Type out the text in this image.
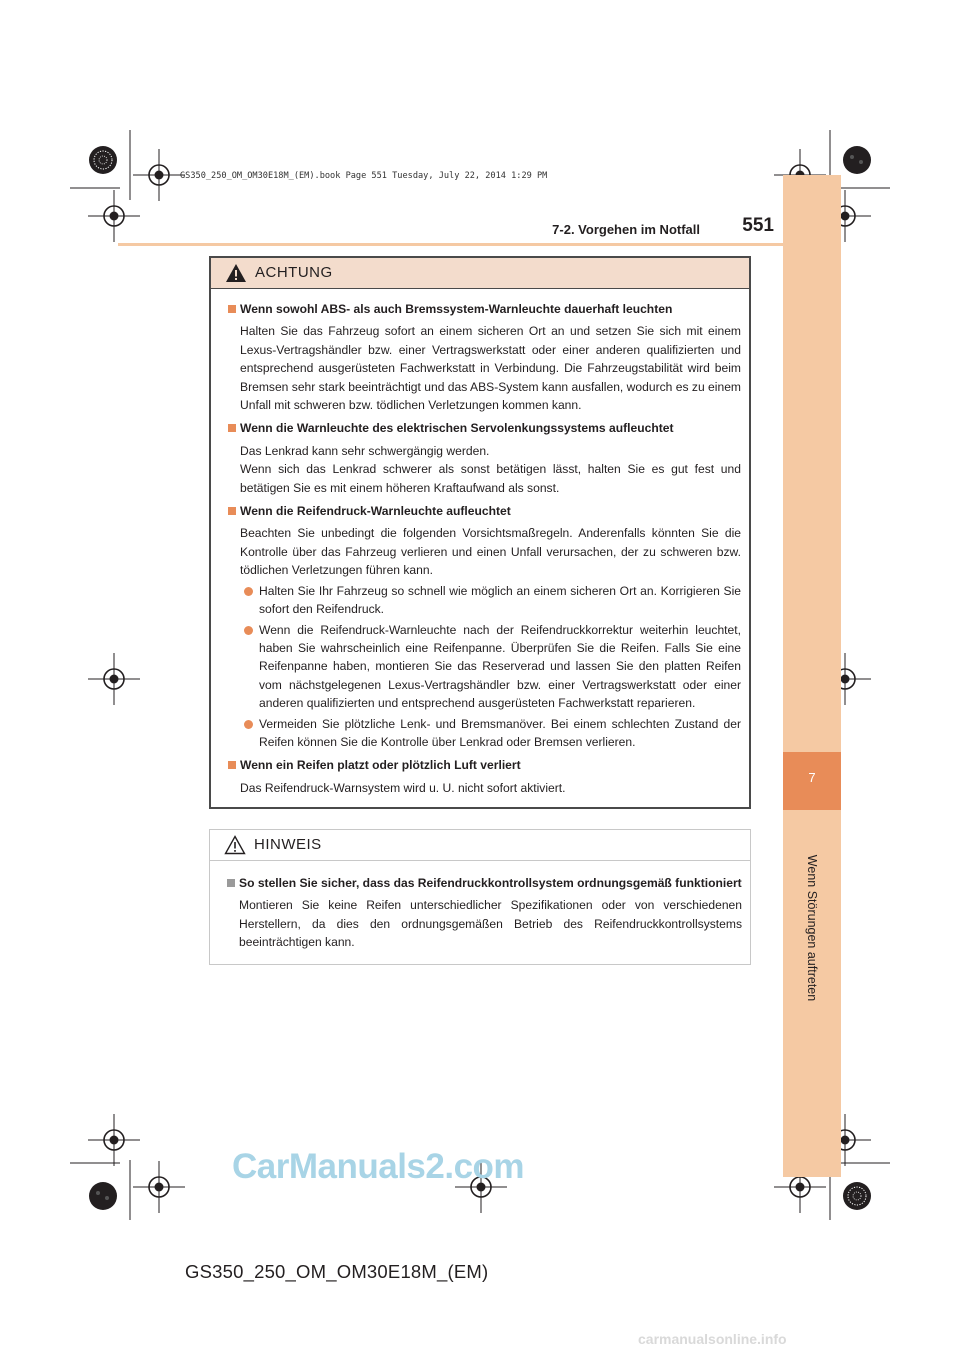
GS350_250_OM_OM30E18M_(EM).book Page 551 Tuesday, July 22, 2014 1:29 PM
7
Wenn Störungen auftreten
7-2. Vorgehen im Notfall	551
ACHTUNG
Wenn sowohl ABS- als auch Bremssystem-Warnleuchte dauerhaft leuchten
Halten Sie das Fahrzeug sofort an einem sicheren Ort an und setzen Sie sich mit einem Lexus-Vertragshändler bzw. einer Vertragswerkstatt oder einer anderen qualifizierten und entsprechend ausgerüsteten Fachwerkstatt in Verbindung. Die Fahrzeugstabilität wird beim Bremsen sehr stark beeinträchtigt und das ABS-System kann ausfallen, wodurch es zu einem Unfall mit schweren bzw. tödlichen Verletzungen kommen kann.
Wenn die Warnleuchte des elektrischen Servolenkungssystems aufleuchtet
Das Lenkrad kann sehr schwergängig werden.
Wenn sich das Lenkrad schwerer als sonst betätigen lässt, halten Sie es gut fest und betätigen Sie es mit einem höheren Kraftaufwand als sonst.
Wenn die Reifendruck-Warnleuchte aufleuchtet
Beachten Sie unbedingt die folgenden Vorsichtsmaßregeln. Anderenfalls könnten Sie die Kontrolle über das Fahrzeug verlieren und einen Unfall verursachen, der zu schweren bzw. tödlichen Verletzungen führen kann.
Halten Sie Ihr Fahrzeug so schnell wie möglich an einem sicheren Ort an. Korrigieren Sie sofort den Reifendruck.
Wenn die Reifendruck-Warnleuchte nach der Reifendruckkorrektur weiterhin leuchtet, haben Sie wahrscheinlich eine Reifenpanne. Überprüfen Sie die Reifen. Falls Sie eine Reifenpanne haben, montieren Sie das Reserverad und lassen Sie den platten Reifen vom nächstgelegenen Lexus-Vertragshändler bzw. einer Vertragswerkstatt oder einer anderen qualifizierten und entsprechend ausgerüsteten Fachwerkstatt reparieren.
Vermeiden Sie plötzliche Lenk- und Bremsmanöver. Bei einem schlechten Zustand der Reifen können Sie die Kontrolle über Lenkrad oder Bremsen verlieren.
Wenn ein Reifen platzt oder plötzlich Luft verliert
Das Reifendruck-Warnsystem wird u. U. nicht sofort aktiviert.
HINWEIS
So stellen Sie sicher, dass das Reifendruckkontrollsystem ordnungsgemäß funktioniert
Montieren Sie keine Reifen unterschiedlicher Spezifikationen oder von verschiedenen Herstellern, da dies den ordnungsgemäßen Betrieb des Reifendruckkontrollsystems beeinträchtigen kann.
CarManuals2.com
GS350_250_OM_OM30E18M_(EM)
carmanualsonline.info
